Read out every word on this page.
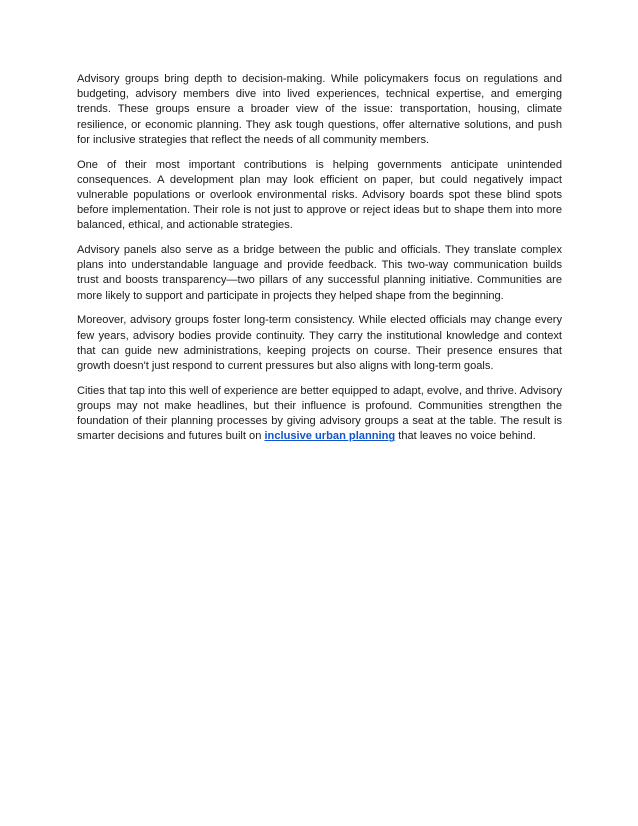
Advisory groups bring depth to decision-making. While policymakers focus on regulations and budgeting, advisory members dive into lived experiences, technical expertise, and emerging trends. These groups ensure a broader view of the issue: transportation, housing, climate resilience, or economic planning. They ask tough questions, offer alternative solutions, and push for inclusive strategies that reflect the needs of all community members.

One of their most important contributions is helping governments anticipate unintended consequences. A development plan may look efficient on paper, but could negatively impact vulnerable populations or overlook environmental risks. Advisory boards spot these blind spots before implementation. Their role is not just to approve or reject ideas but to shape them into more balanced, ethical, and actionable strategies.

Advisory panels also serve as a bridge between the public and officials. They translate complex plans into understandable language and provide feedback. This two-way communication builds trust and boosts transparency—two pillars of any successful planning initiative. Communities are more likely to support and participate in projects they helped shape from the beginning.

Moreover, advisory groups foster long-term consistency. While elected officials may change every few years, advisory bodies provide continuity. They carry the institutional knowledge and context that can guide new administrations, keeping projects on course. Their presence ensures that growth doesn't just respond to current pressures but also aligns with long-term goals.

Cities that tap into this well of experience are better equipped to adapt, evolve, and thrive. Advisory groups may not make headlines, but their influence is profound. Communities strengthen the foundation of their planning processes by giving advisory groups a seat at the table. The result is smarter decisions and futures built on inclusive urban planning that leaves no voice behind.
